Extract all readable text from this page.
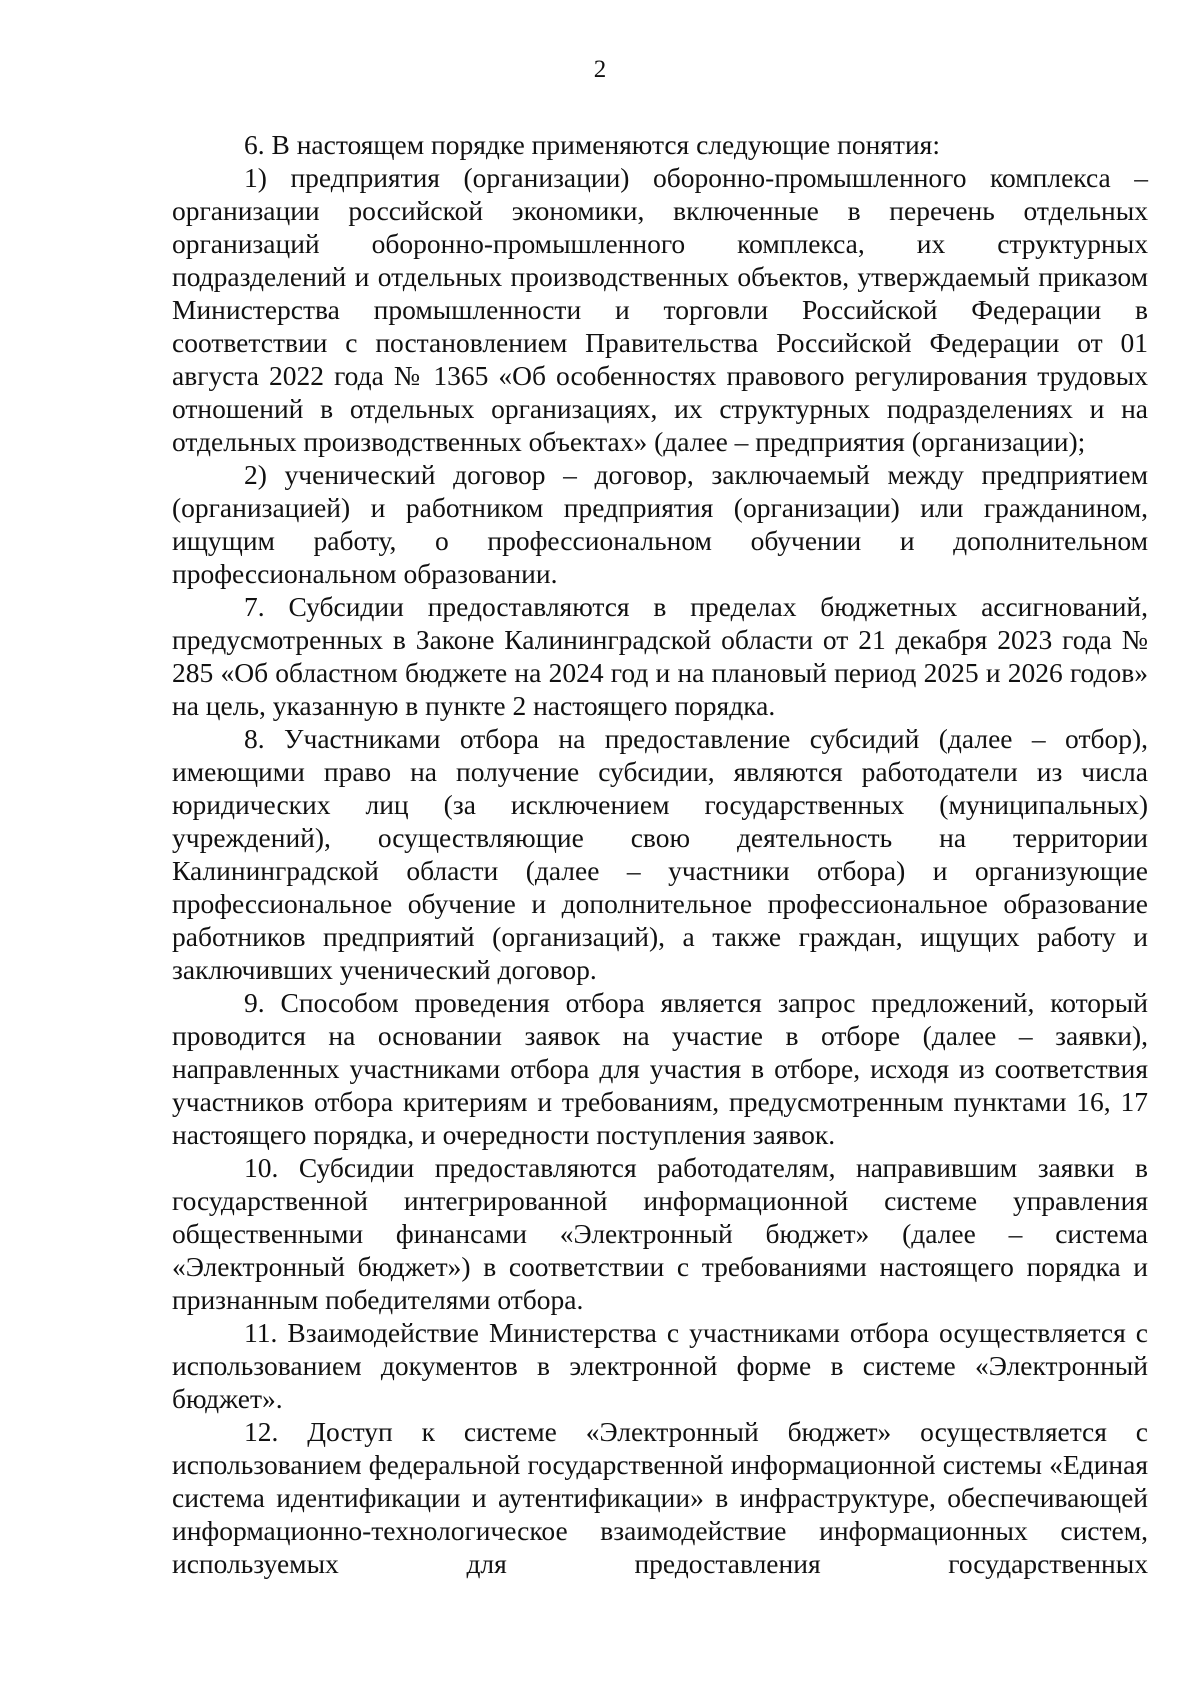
2

6. В настоящем порядке применяются следующие понятия:

1) предприятия (организации) оборонно-промышленного комплекса – организации российской экономики, включенные в перечень отдельных организаций оборонно-промышленного комплекса, их структурных подразделений и отдельных производственных объектов, утверждаемый приказом Министерства промышленности и торговли Российской Федерации в соответствии с постановлением Правительства Российской Федерации от 01 августа 2022 года № 1365 «Об особенностях правового регулирования трудовых отношений в отдельных организациях, их структурных подразделениях и на отдельных производственных объектах» (далее – предприятия (организации);

2) ученический договор – договор, заключаемый между предприятием (организацией) и работником предприятия (организации) или гражданином, ищущим работу, о профессиональном обучении и дополнительном профессиональном образовании.

7. Субсидии предоставляются в пределах бюджетных ассигнований, предусмотренных в Законе Калининградской области от 21 декабря 2023 года № 285 «Об областном бюджете на 2024 год и на плановый период 2025 и 2026 годов» на цель, указанную в пункте 2 настоящего порядка.

8. Участниками отбора на предоставление субсидий (далее – отбор), имеющими право на получение субсидии, являются работодатели из числа юридических лиц (за исключением государственных (муниципальных) учреждений), осуществляющие свою деятельность на территории Калининградской области (далее – участники отбора) и организующие профессиональное обучение и дополнительное профессиональное образование работников предприятий (организаций), а также граждан, ищущих работу и заключивших ученический договор.

9. Способом проведения отбора является запрос предложений, который проводится на основании заявок на участие в отборе (далее – заявки), направленных участниками отбора для участия в отборе, исходя из соответствия участников отбора критериям и требованиям, предусмотренным пунктами 16, 17 настоящего порядка, и очередности поступления заявок.

10. Субсидии предоставляются работодателям, направившим заявки в государственной интегрированной информационной системе управления общественными финансами «Электронный бюджет» (далее – система «Электронный бюджет») в соответствии с требованиями настоящего порядка и признанным победителями отбора.

11. Взаимодействие Министерства с участниками отбора осуществляется с использованием документов в электронной форме в системе «Электронный бюджет».

12. Доступ к системе «Электронный бюджет» осуществляется с использованием федеральной государственной информационной системы «Единая система идентификации и аутентификации» в инфраструктуре, обеспечивающей информационно-технологическое взаимодействие информационных систем, используемых для предоставления государственных
